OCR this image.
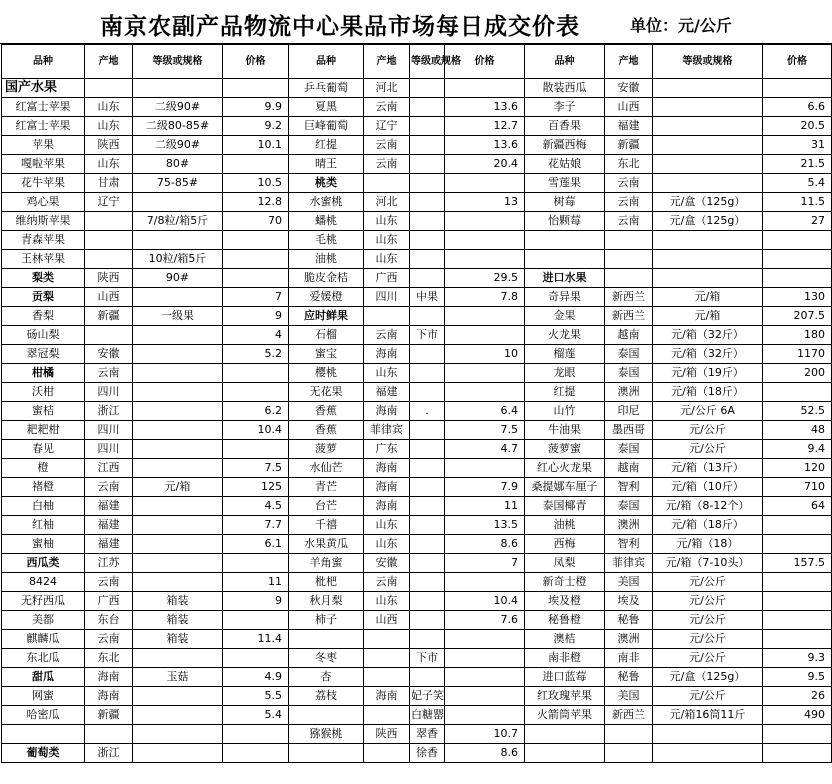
南京农副产品物流中心果品市场每日成交价表	单位：元/公斤
品种	产地	等级或规格	价格	品种	产地	等级或规格	价格	品种	产地	等级或规格	价格
国产水果				乒乓葡萄	河北			散装西瓜	安徽		
红富士苹果	山东	二级90#	9.9	夏黑	云南		13.6	李子	山西		6.6
红富士苹果	山东	二级80-85#	9.2	巨峰葡萄	辽宁		12.7	百香果	福建		20.5
苹果	陕西	二级90#	10.1	红提	云南		13.6	新疆西梅	新疆		31
嘎啦苹果	山东	80#		晴王	云南		20.4	花姑娘	东北		21.5
花牛苹果	甘肃	75-85#	10.5	桃类				雪莲果	云南		5.4
鸡心果	辽宁		12.8	水蜜桃	河北		13	树莓	云南	元/盒（125g）	11.5
维纳斯苹果		7/8粒/箱5斤	70	蟠桃	山东			怡颗莓	云南	元/盒（125g）	27
青森苹果				毛桃	山东						
王林苹果		10粒/箱5斤		油桃	山东						
梨类	陕西	90#		脆皮金桔	广西		29.5	进口水果			
贡梨	山西		7	爱媛橙	四川	中果	7.8	奇异果	新西兰	元/箱	130
香梨	新疆	一级果	9	应时鲜果				金果	新西兰	元/箱	207.5
砀山梨			4	石榴	云南	下市		火龙果	越南	元/箱（32斤）	180
翠冠梨	安徽		5.2	蜜宝	海南		10	榴莲	泰国	元/箱（32斤）	1170
柑橘	云南			樱桃	山东			龙眼	泰国	元/箱（19斤）	200
沃柑	四川			无花果	福建			红提	澳洲	元/箱（18斤）	
蜜桔	浙江		6.2	香蕉	海南	.	6.4	山竹	印尼	元/公斤 6A	52.5
耙耙柑	四川		10.4	香蕉	菲律宾		7.5	牛油果	墨西哥	元/公斤	48
春见	四川			菠萝	广东		4.7	菠萝蜜	泰国	元/公斤	9.4
橙	江西		7.5	水仙芒	海南			红心火龙果	越南	元/箱（13斤）	120
褚橙	云南	元/箱	125	青芒	海南		7.9	桑提娜车厘子	智利	元/箱（10斤）	710
白柚	福建		4.5	台芒	海南		11	泰国椰青	泰国	元/箱（8-12个）	64
红柚	福建		7.7	千禧	山东		13.5	油桃	澳洲	元/箱（18斤）	
蜜柚	福建		6.1	水果黄瓜	山东		8.6	西梅	智利	元/箱（18）	
西瓜类	江苏			羊角蜜	安徽		7	凤梨	菲律宾	元/箱（7-10头）	157.5
8424	云南		11	枇杷	云南			新奇士橙	美国	元/公斤	
无籽西瓜	广西	箱装	9	秋月梨	山东		10.4	埃及橙	埃及	元/公斤	
美都	东台	箱装		柿子	山西		7.6	秘鲁橙	秘鲁	元/公斤	
麒麟瓜	云南	箱装	11.4					澳桔	澳洲	元/公斤	
东北瓜	东北			冬枣		下市		南非橙	南非	元/公斤	9.3
甜瓜	海南	玉菇	4.9	杏				进口蓝莓	秘鲁	元/盒（125g）	9.5
网蜜	海南		5.5	荔枝	海南	妃子笑		红玫瑰苹果	美国	元/公斤	26
哈密瓜	新疆		5.4			白糖罂		火箭筒苹果	新西兰	元/箱16筒11斤	490
				猕猴桃	陕西	翠香	10.7				
葡萄类	浙江					徐香	8.6				
